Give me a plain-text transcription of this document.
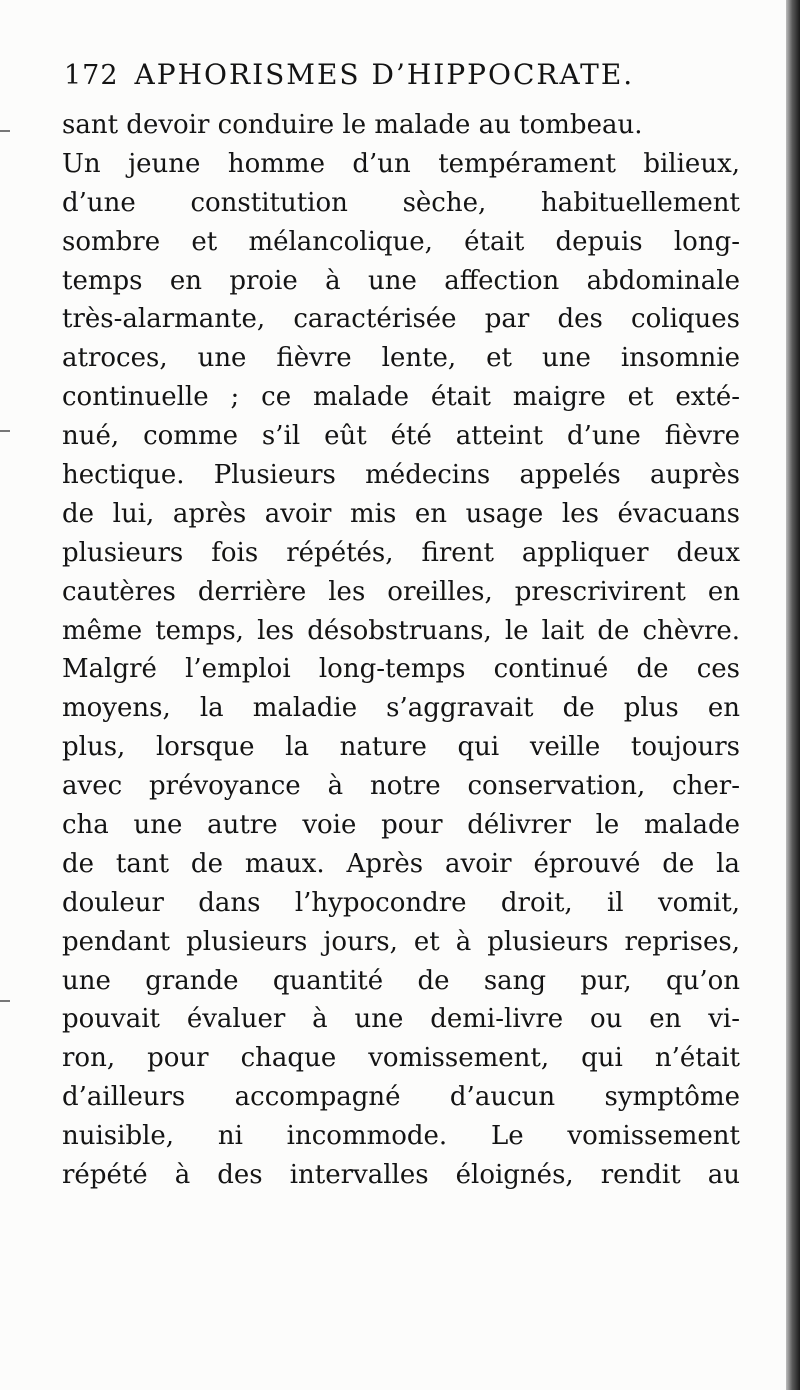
172 APHORISMES D’HIPPOCRATE.
sant devoir conduire le malade au tombeau.
Un jeune homme d’un tempérament bilieux,
d’une constitution sèche, habituellement
sombre et mélancolique, était depuis long-
temps en proie à une affection abdominale
très-alarmante, caractérisée par des coliques
atroces, une fièvre lente, et une insomnie
continuelle ; ce malade était maigre et exté-
nué, comme s’il eût été atteint d’une fièvre
hectique. Plusieurs médecins appelés auprès
de lui, après avoir mis en usage les évacuans
plusieurs fois répétés, firent appliquer deux
cautères derrière les oreilles, prescrivirent en
même temps, les désobstruans, le lait de chèvre.
Malgré l’emploi long-temps continué de ces
moyens, la maladie s’aggravait de plus en
plus, lorsque la nature qui veille toujours
avec prévoyance à notre conservation, cher-
cha une autre voie pour délivrer le malade
de tant de maux. Après avoir éprouvé de la
douleur dans l’hypocondre droit, il vomit,
pendant plusieurs jours, et à plusieurs reprises,
une grande quantité de sang pur, qu’on
pouvait évaluer à une demi-livre ou en vi-
ron, pour chaque vomissement, qui n’était
d’ailleurs accompagné d’aucun symptôme
nuisible, ni incommode. Le vomissement
répété à des intervalles éloignés, rendit au
